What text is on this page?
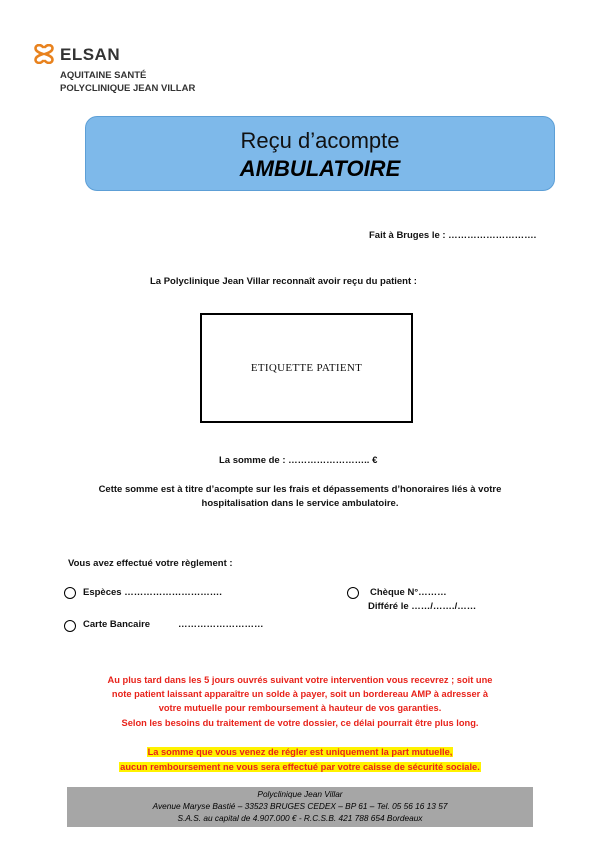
ELSAN
AQUITAINE SANTÉ
POLYCLINIQUE JEAN VILLAR
Reçu d’acompte
AMBULATOIRE
Fait à Bruges le : ……………………….
La Polyclinique Jean Villar reconnaît avoir reçu du patient :
ETIQUETTE PATIENT
La somme de : …………………….. €
Cette somme est à titre d’acompte sur les frais et dépassements d’honoraires liés à votre
hospitalisation dans le service ambulatoire.
Vous avez effectué votre règlement :
Espèces ………………………….
Carte Bancaire	………………………
Chèque N°………
Différé le ……/……./……
Au plus tard dans les 5 jours ouvrés suivant votre intervention vous recevrez ; soit une
note patient laissant apparaître un solde à payer, soit un bordereau AMP à adresser à
votre mutuelle pour remboursement à hauteur de vos garanties.
Selon les besoins du traitement de votre dossier, ce délai pourrait être plus long.
La somme que vous venez de régler est uniquement la part mutuelle,
aucun remboursement ne vous sera effectué par votre caisse de sécurité sociale.
Polyclinique Jean Villar
Avenue Maryse Bastié – 33523 BRUGES CEDEX – BP 61 – Tel. 05 56 16 13 57
S.A.S. au capital de 4.907.000 € - R.C.S.B. 421 788 654 Bordeaux
